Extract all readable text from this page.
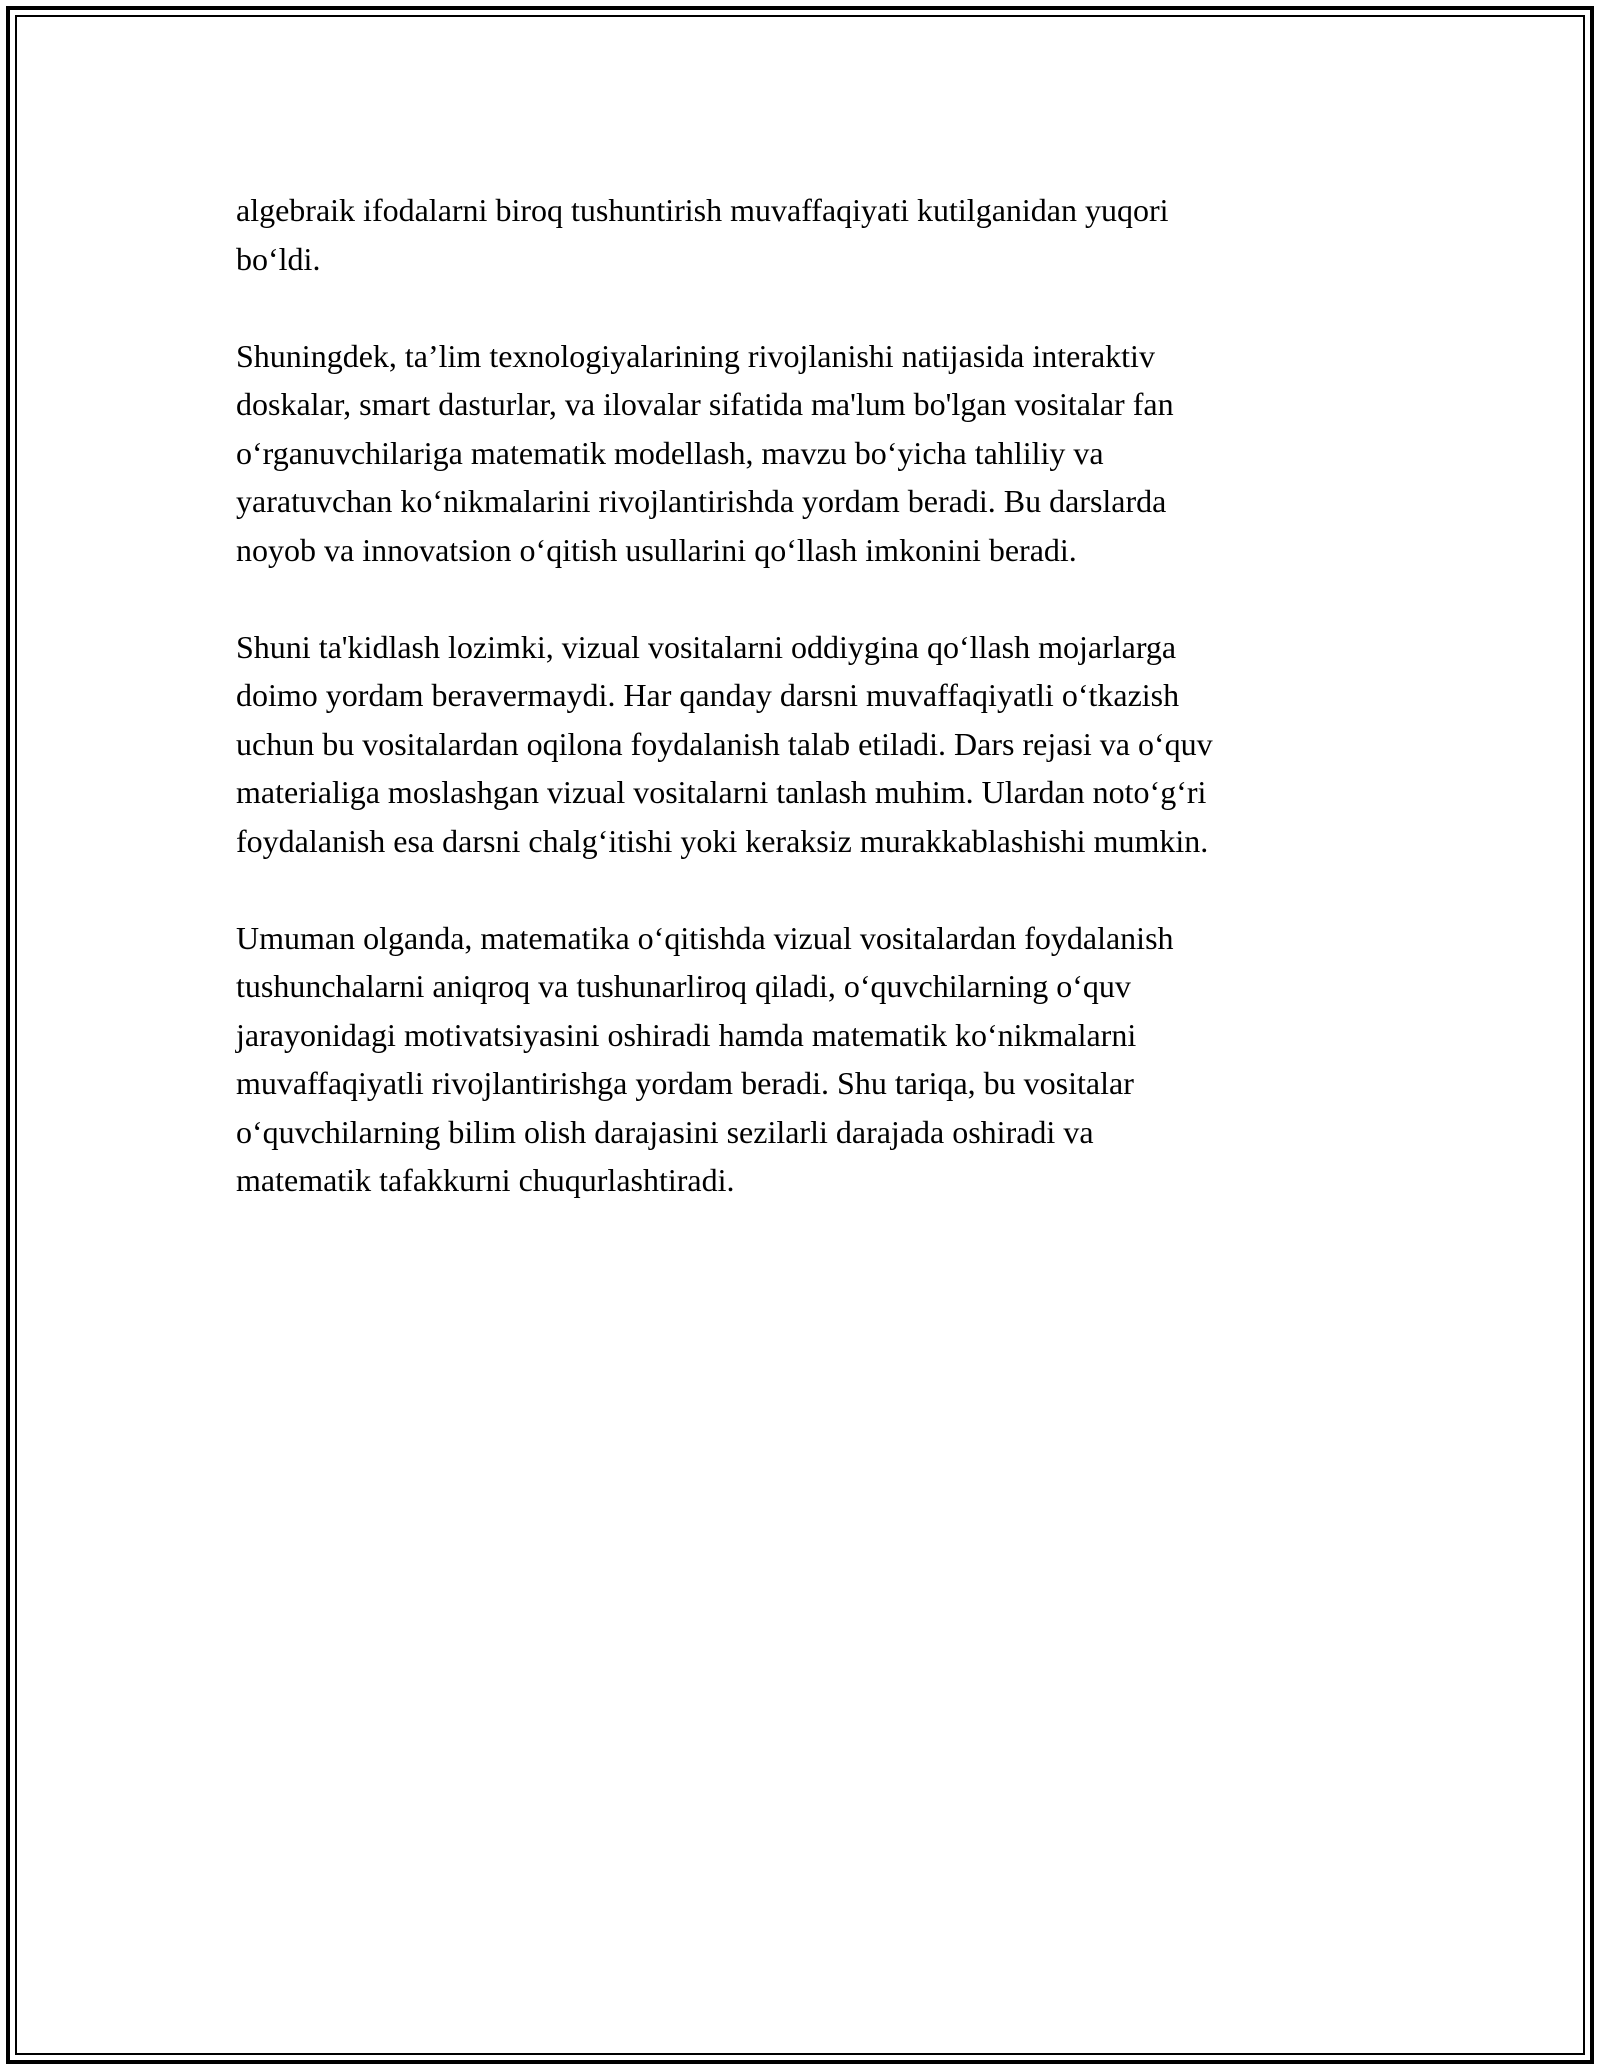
algebraik ifodalarni biroq tushuntirish muvaffaqiyati kutilganidan yuqori
bo‘ldi.

Shuningdek, ta’lim texnologiyalarining rivojlanishi natijasida interaktiv
doskalar, smart dasturlar, va ilovalar sifatida ma'lum bo'lgan vositalar fan
o‘rganuvchilariga matematik modellash, mavzu bo‘yicha tahliliy va
yaratuvchan ko‘nikmalarini rivojlantirishda yordam beradi. Bu darslarda
noyob va innovatsion o‘qitish usullarini qo‘llash imkonini beradi.

Shuni ta'kidlash lozimki, vizual vositalarni oddiygina qo‘llash mojarlarga
doimo yordam beravermaydi. Har qanday darsni muvaffaqiyatli o‘tkazish
uchun bu vositalardan oqilona foydalanish talab etiladi. Dars rejasi va o‘quv
materialiga moslashgan vizual vositalarni tanlash muhim. Ulardan noto‘g‘ri
foydalanish esa darsni chalg‘itishi yoki keraksiz murakkablashishi mumkin.

Umuman olganda, matematika o‘qitishda vizual vositalardan foydalanish
tushunchalarni aniqroq va tushunarliroq qiladi, o‘quvchilarning o‘quv
jarayonidagi motivatsiyasini oshiradi hamda matematik ko‘nikmalarni
muvaffaqiyatli rivojlantirishga yordam beradi. Shu tariqa, bu vositalar
o‘quvchilarning bilim olish darajasini sezilarli darajada oshiradi va
matematik tafakkurni chuqurlashtiradi.
